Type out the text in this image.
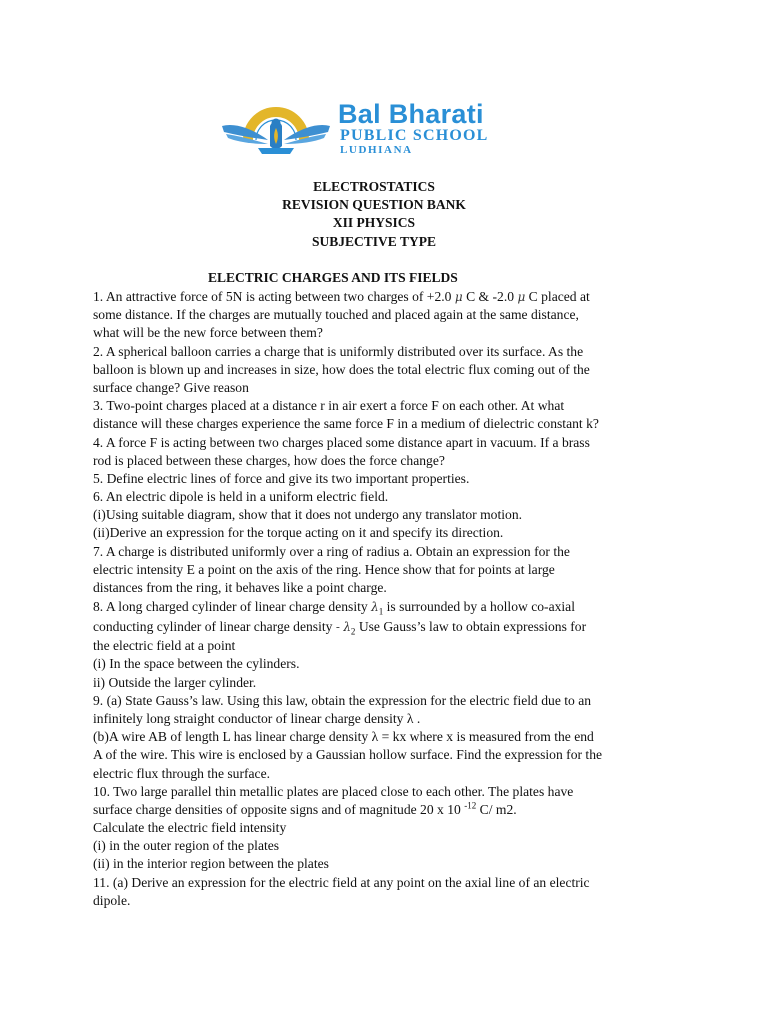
Bal Bharati
PUBLIC SCHOOL
LUDHIANA
ELECTROSTATICS
REVISION QUESTION BANK
XII PHYSICS
SUBJECTIVE TYPE
ELECTRIC CHARGES AND ITS FIELDS
1. An attractive force of 5N is acting between two charges of +2.0 μ C & -2.0 μ C placed at
some distance. If the charges are mutually touched and placed again at the same distance,
what will be the new force between them?
2. A spherical balloon carries a charge that is uniformly distributed over its surface. As the
balloon is blown up and increases in size, how does the total electric flux coming out of the
surface change? Give reason
3. Two-point charges placed at a distance r in air exert a force F on each other. At what
distance will these charges experience the same force F in a medium of dielectric constant k?
4. A force F is acting between two charges placed some distance apart in vacuum. If a brass
rod is placed between these charges, how does the force change?
5. Define electric lines of force and give its two important properties.
6. An electric dipole is held in a uniform electric field.
(i)Using suitable diagram, show that it does not undergo any translator motion.
(ii)Derive an expression for the torque acting on it and specify its direction.
7. A charge is distributed uniformly over a ring of radius a. Obtain an expression for the
electric intensity E a point on the axis of the ring. Hence show that for points at large
distances from the ring, it behaves like a point charge.
8. A long charged cylinder of linear charge density $\lambda_1$ is surrounded by a hollow co-axial
conducting cylinder of linear charge density - $\lambda_2$ Use Gauss’s law to obtain expressions for
the electric field at a point
(i) In the space between the cylinders.
ii) Outside the larger cylinder.
9. (a) State Gauss’s law. Using this law, obtain the expression for the electric field due to an
infinitely long straight conductor of linear charge density λ .
(b)A wire AB of length L has linear charge density λ = kx where x is measured from the end
A of the wire. This wire is enclosed by a Gaussian hollow surface. Find the expression for the
electric flux through the surface.
10. Two large parallel thin metallic plates are placed close to each other. The plates have
surface charge densities of opposite signs and of magnitude 20 x 10 $^{-12}$ C/ m2.
Calculate the electric field intensity
(i) in the outer region of the plates
(ii) in the interior region between the plates
11. (a) Derive an expression for the electric field at any point on the axial line of an electric
dipole.
